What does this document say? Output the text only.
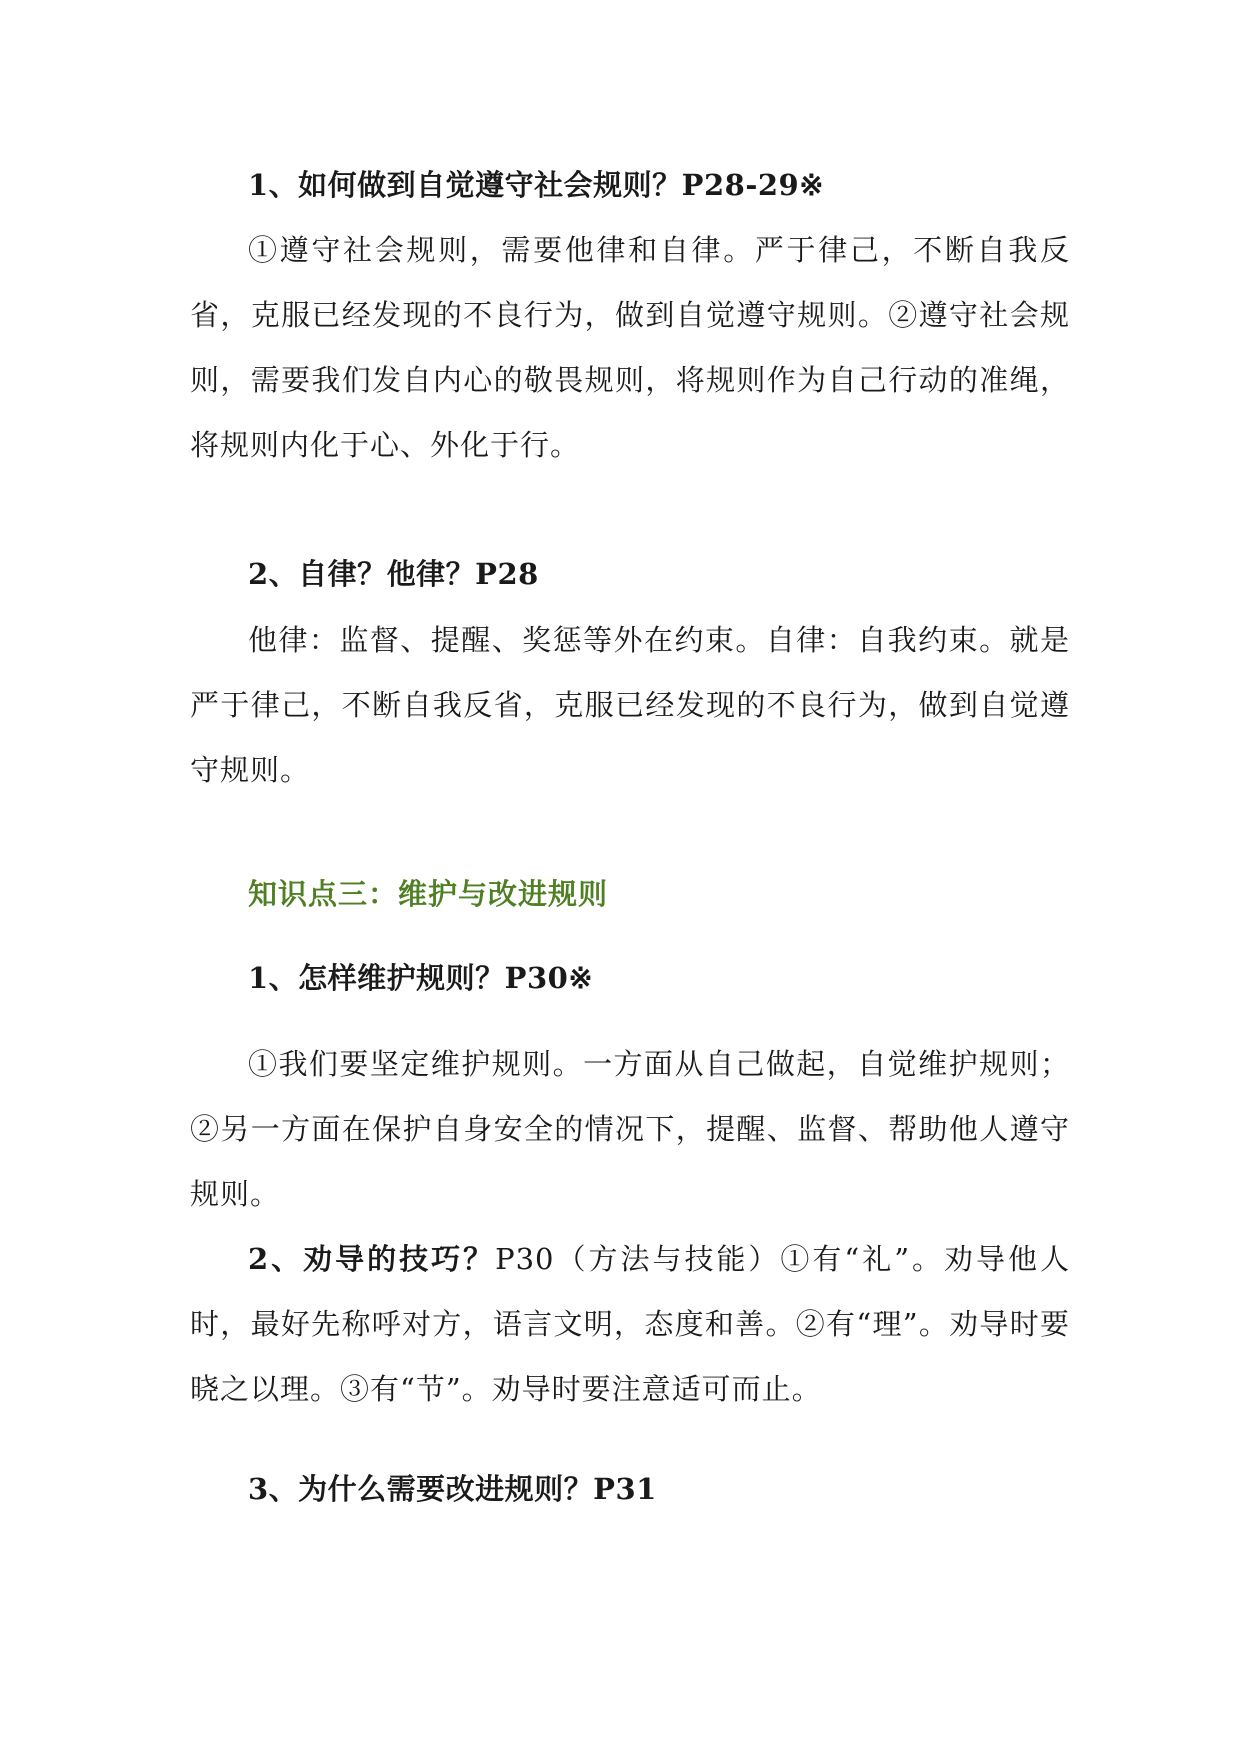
1、如何做到自觉遵守社会规则？P28-29※

①遵守社会规则，需要他律和自律。严于律己，不断自我反省，克服已经发现的不良行为，做到自觉遵守规则。②遵守社会规则，需要我们发自内心的敬畏规则，将规则作为自己行动的准绳，将规则内化于心、外化于行。

2、自律？他律？P28

他律：监督、提醒、奖惩等外在约束。自律：自我约束。就是严于律己，不断自我反省，克服已经发现的不良行为，做到自觉遵守规则。

知识点三：维护与改进规则

1、怎样维护规则？P30※

①我们要坚定维护规则。一方面从自己做起，自觉维护规则；②另一方面在保护自身安全的情况下，提醒、监督、帮助他人遵守规则。

2、劝导的技巧？P30（方法与技能）①有“礼”。劝导他人时，最好先称呼对方，语言文明，态度和善。②有“理”。劝导时要晓之以理。③有“节”。劝导时要注意适可而止。

3、为什么需要改进规则？P31
